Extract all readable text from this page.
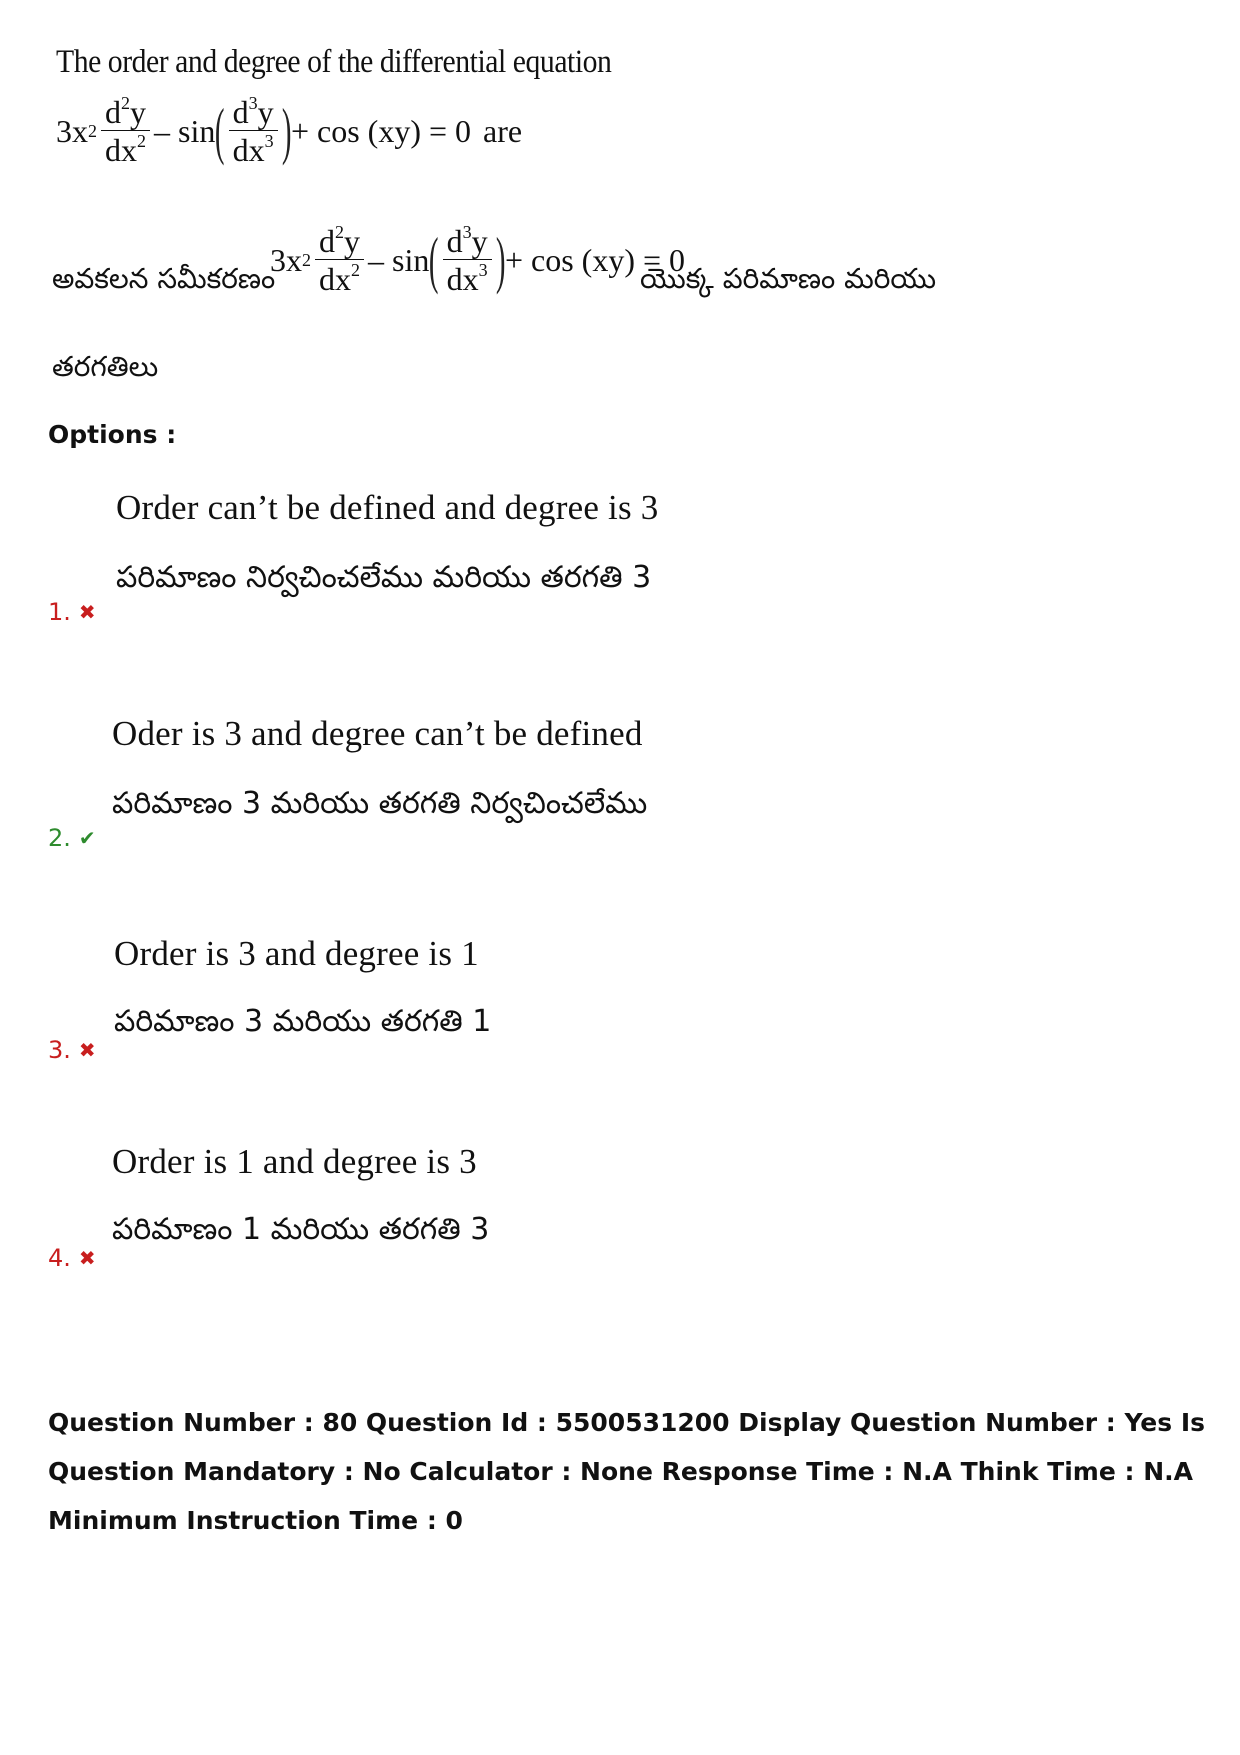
The order and degree of the differential equation
3x $2 \frac{d^2y}{dx^2}$ – sin ( $\frac{d^3y}{dx^3}$ ) + cos (xy) = 0 are
అవకలన సమీకరణం
3x $2 \frac{d^2y}{dx^2}$ – sin ( $\frac{d^3y}{dx^3}$ ) + cos (xy) = 0
యొక్క పరిమాణం మరియు
తరగతిలు
Options :
Order can’t be defined and degree is 3
పరిమాణం నిర్వచించలేము మరియు తరగతి 3
1. ✖
Oder is 3 and degree can’t be defined
పరిమాణం 3 మరియు తరగతి నిర్వచించలేము
2. ✔
Order is 3 and degree is 1
పరిమాణం 3 మరియు తరగతి 1
3. ✖
Order is 1 and degree is 3
పరిమాణం 1 మరియు తరగతి 3
4. ✖
Question Number : 80 Question Id : 5500531200 Display Question Number : Yes Is Question Mandatory : No Calculator : None Response Time : N.A Think Time : N.A Minimum Instruction Time : 0
